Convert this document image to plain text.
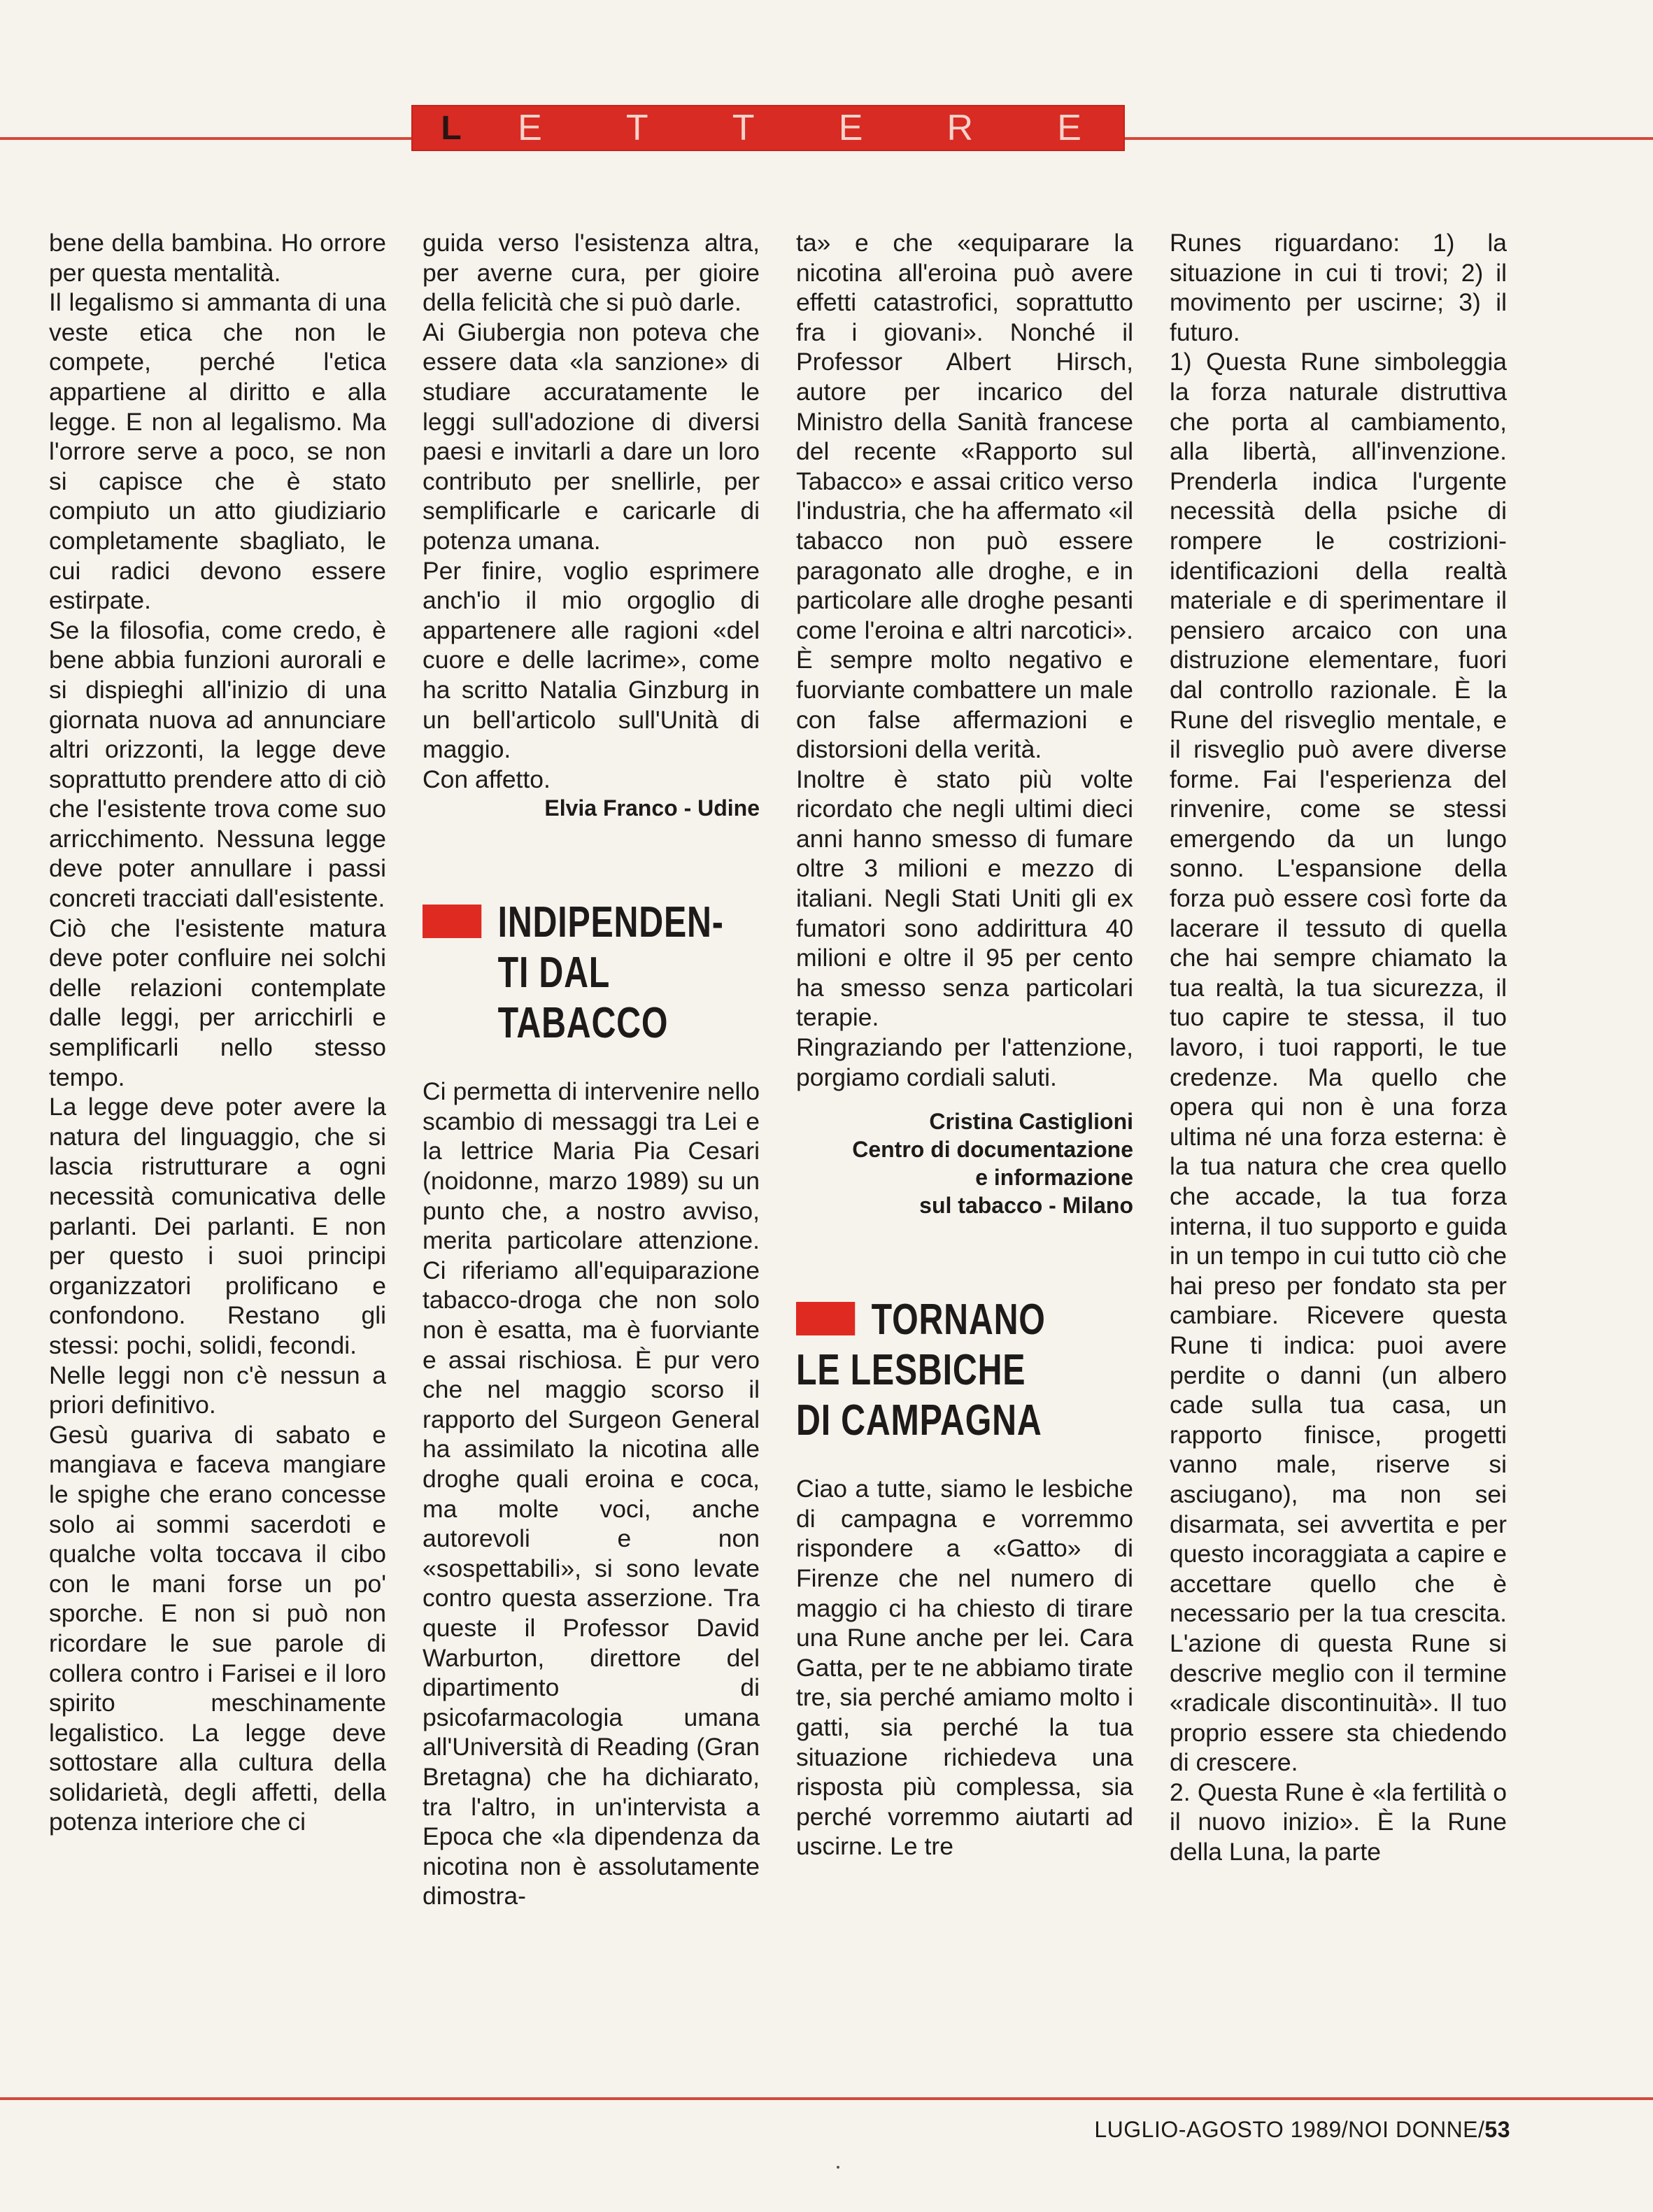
L	E T T E R E

bene della bambina. Ho orrore per questa mentalità.

Il legalismo si ammanta di una veste etica che non le compete, perché l'etica appartiene al diritto e alla legge. E non al legalismo. Ma l'orrore serve a poco, se non si capisce che è stato compiuto un atto giudiziario completamente sbagliato, le cui radici devono essere estirpate.

Se la filosofia, come credo, è bene abbia funzioni aurorali e si dispieghi all'inizio di una giornata nuova ad annunciare altri orizzonti, la legge deve soprattutto prendere atto di ciò che l'esistente trova come suo arricchimento. Nessuna legge deve poter annullare i passi concreti tracciati dall'esistente.

Ciò che l'esistente matura deve poter confluire nei solchi delle relazioni contemplate dalle leggi, per arricchirli e semplificarli nello stesso tempo.

La legge deve poter avere la natura del linguaggio, che si lascia ristrutturare a ogni necessità comunicativa delle parlanti. Dei parlanti. E non per questo i suoi principi organizzatori prolificano e confondono. Restano gli stessi: pochi, solidi, fecondi.

Nelle leggi non c'è nessun a priori definitivo.

Gesù guariva di sabato e mangiava e faceva mangiare le spighe che erano concesse solo ai sommi sacerdoti e qualche volta toccava il cibo con le mani forse un po' sporche. E non si può non ricordare le sue parole di collera contro i Farisei e il loro spirito meschinamente legalistico. La legge deve sottostare alla cultura della solidarietà, degli affetti, della potenza interiore che ci

guida verso l'esistenza altra, per averne cura, per gioire della felicità che si può darle.

Ai Giubergia non poteva che essere data «la sanzione» di studiare accuratamente le leggi sull'adozione di diversi paesi e invitarli a dare un loro contributo per snellirle, per semplificarle e caricarle di potenza umana.

Per finire, voglio esprimere anch'io il mio orgoglio di appartenere alle ragioni «del cuore e delle lacrime», come ha scritto Natalia Ginzburg in un bell'articolo sull'Unità di maggio.

Con affetto.

Elvia Franco - Udine

INDIPENDEN-
TI DAL TABACCO

Ci permetta di intervenire nello scambio di messaggi tra Lei e la lettrice Maria Pia Cesari (noidonne, marzo 1989) su un punto che, a nostro avviso, merita particolare attenzione. Ci riferiamo all'equiparazione tabacco-droga che non solo non è esatta, ma è fuorviante e assai rischiosa. È pur vero che nel maggio scorso il rapporto del Surgeon General ha assimilato la nicotina alle droghe quali eroina e coca, ma molte voci, anche autorevoli e non «sospettabili», si sono levate contro questa asserzione. Tra queste il Professor David Warburton, direttore del dipartimento di psicofarmacologia umana all'Università di Reading (Gran Bretagna) che ha dichiarato, tra l'altro, in un'intervista a Epoca che «la dipendenza da nicotina non è assolutamente dimostra-

ta» e che «equiparare la nicotina all'eroina può avere effetti catastrofici, soprattutto fra i giovani». Nonché il Professor Albert Hirsch, autore per incarico del Ministro della Sanità francese del recente «Rapporto sul Tabacco» e assai critico verso l'industria, che ha affermato «il tabacco non può essere paragonato alle droghe, e in particolare alle droghe pesanti come l'eroina e altri narcotici». È sempre molto negativo e fuorviante combattere un male con false affermazioni e distorsioni della verità.

Inoltre è stato più volte ricordato che negli ultimi dieci anni hanno smesso di fumare oltre 3 milioni e mezzo di italiani. Negli Stati Uniti gli ex fumatori sono addirittura 40 milioni e oltre il 95 per cento ha smesso senza particolari terapie.

Ringraziando per l'attenzione, porgiamo cordiali saluti.

Cristina Castiglioni
Centro di documentazione
e informazione
sul tabacco - Milano
TORNANO
LE LESBICHE
DI CAMPAGNA

Ciao a tutte, siamo le lesbiche di campagna e vorremmo rispondere a «Gatto» di Firenze che nel numero di maggio ci ha chiesto di tirare una Rune anche per lei. Cara Gatta, per te ne abbiamo tirate tre, sia perché amiamo molto i gatti, sia perché la tua situazione richiedeva una risposta più complessa, sia perché vorremmo aiutarti ad uscirne. Le tre

Runes riguardano: 1) la situazione in cui ti trovi; 2) il movimento per uscirne; 3) il futuro.

1) Questa Rune simboleggia la forza naturale distruttiva che porta al cambiamento, alla libertà, all'invenzione. Prenderla indica l'urgente necessità della psiche di rompere le costrizioni-identificazioni della realtà materiale e di sperimentare il pensiero arcaico con una distruzione elementare, fuori dal controllo razionale. È la Rune del risveglio mentale, e il risveglio può avere diverse forme. Fai l'esperienza del rinvenire, come se stessi emergendo da un lungo sonno. L'espansione della forza può essere così forte da lacerare il tessuto di quella che hai sempre chiamato la tua realtà, la tua sicurezza, il tuo capire te stessa, il tuo lavoro, i tuoi rapporti, le tue credenze. Ma quello che opera qui non è una forza ultima né una forza esterna: è la tua natura che crea quello che accade, la tua forza interna, il tuo supporto e guida in un tempo in cui tutto ciò che hai preso per fondato sta per cambiare. Ricevere questa Rune ti indica: puoi avere perdite o danni (un albero cade sulla tua casa, un rapporto finisce, progetti vanno male, riserve si asciugano), ma non sei disarmata, sei avvertita e per questo incoraggiata a capire e accettare quello che è necessario per la tua crescita. L'azione di questa Rune si descrive meglio con il termine «radicale discontinuità». Il tuo proprio essere sta chiedendo di crescere.

2. Questa Rune è «la fertilità o il nuovo inizio». È la Rune della Luna, la parte

LUGLIO-AGOSTO 1989/NOI DONNE/53
